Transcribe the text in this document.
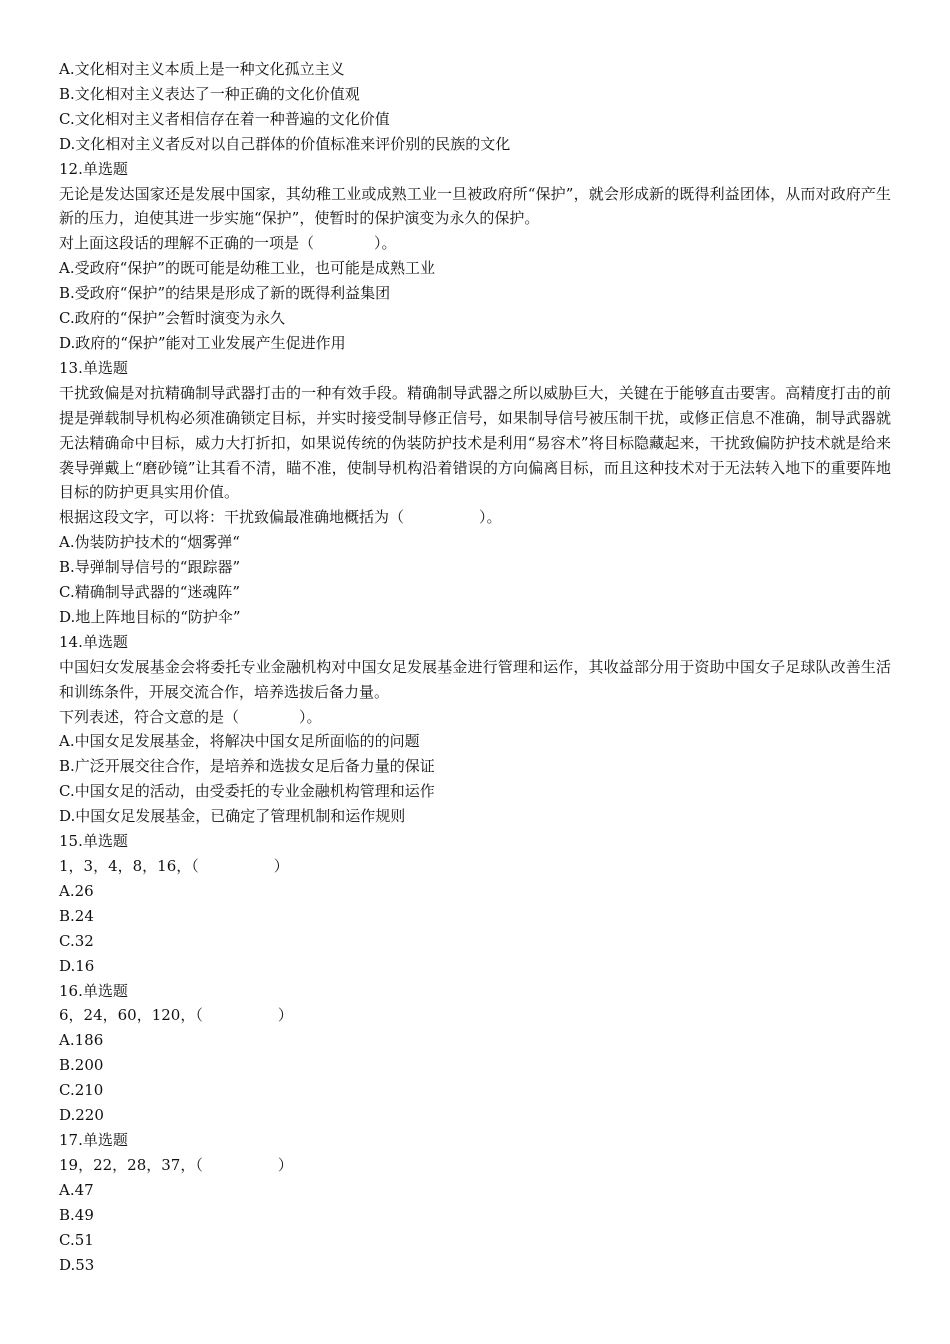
A.文化相对主义本质上是一种文化孤立主义
B.文化相对主义表达了一种正确的文化价值观
C.文化相对主义者相信存在着一种普遍的文化价值
D.文化相对主义者反对以自己群体的价值标准来评价别的民族的文化
12.单选题
无论是发达国家还是发展中国家，其幼稚工业或成熟工业一旦被政府所“保护”，就会形成新的既得利益团体，从而对政府产生新的压力，迫使其进一步实施“保护”，使暂时的保护演变为永久的保护。
对上面这段话的理解不正确的一项是（　　　　）。
A.受政府“保护”的既可能是幼稚工业，也可能是成熟工业
B.受政府“保护”的结果是形成了新的既得利益集团
C.政府的“保护”会暂时演变为永久
D.政府的“保护”能对工业发展产生促进作用
13.单选题
干扰致偏是对抗精确制导武器打击的一种有效手段。精确制导武器之所以威胁巨大，关键在于能够直击要害。高精度打击的前提是弹载制导机构必须准确锁定目标，并实时接受制导修正信号，如果制导信号被压制干扰，或修正信息不准确，制导武器就无法精确命中目标，威力大打折扣，如果说传统的伪装防护技术是利用“易容术”将目标隐藏起来，干扰致偏防护技术就是给来袭导弹戴上“磨砂镜”让其看不清，瞄不准，使制导机构沿着错误的方向偏离目标，而且这种技术对于无法转入地下的重要阵地目标的防护更具实用价值。
根据这段文字，可以将：干扰致偏最准确地概括为（　　　　　）。
A.伪装防护技术的“烟雾弹“
B.导弹制导信号的“跟踪器”
C.精确制导武器的“迷魂阵”
D.地上阵地目标的“防护伞”
14.单选题
中国妇女发展基金会将委托专业金融机构对中国女足发展基金进行管理和运作，其收益部分用于资助中国女子足球队改善生活和训练条件，开展交流合作，培养选拔后备力量。
下列表述，符合文意的是（　　　　）。
A.中国女足发展基金，将解决中国女足所面临的的问题
B.广泛开展交往合作，是培养和选拔女足后备力量的保证
C.中国女足的活动，由受委托的专业金融机构管理和运作
D.中国女足发展基金，已确定了管理机制和运作规则
15.单选题
1，3，4，8，16，（　　　　　）
A.26
B.24
C.32
D.16
16.单选题
6，24，60，120，（　　　　　）
A.186
B.200
C.210
D.220
17.单选题
19，22，28，37，（　　　　　）
A.47
B.49
C.51
D.53
